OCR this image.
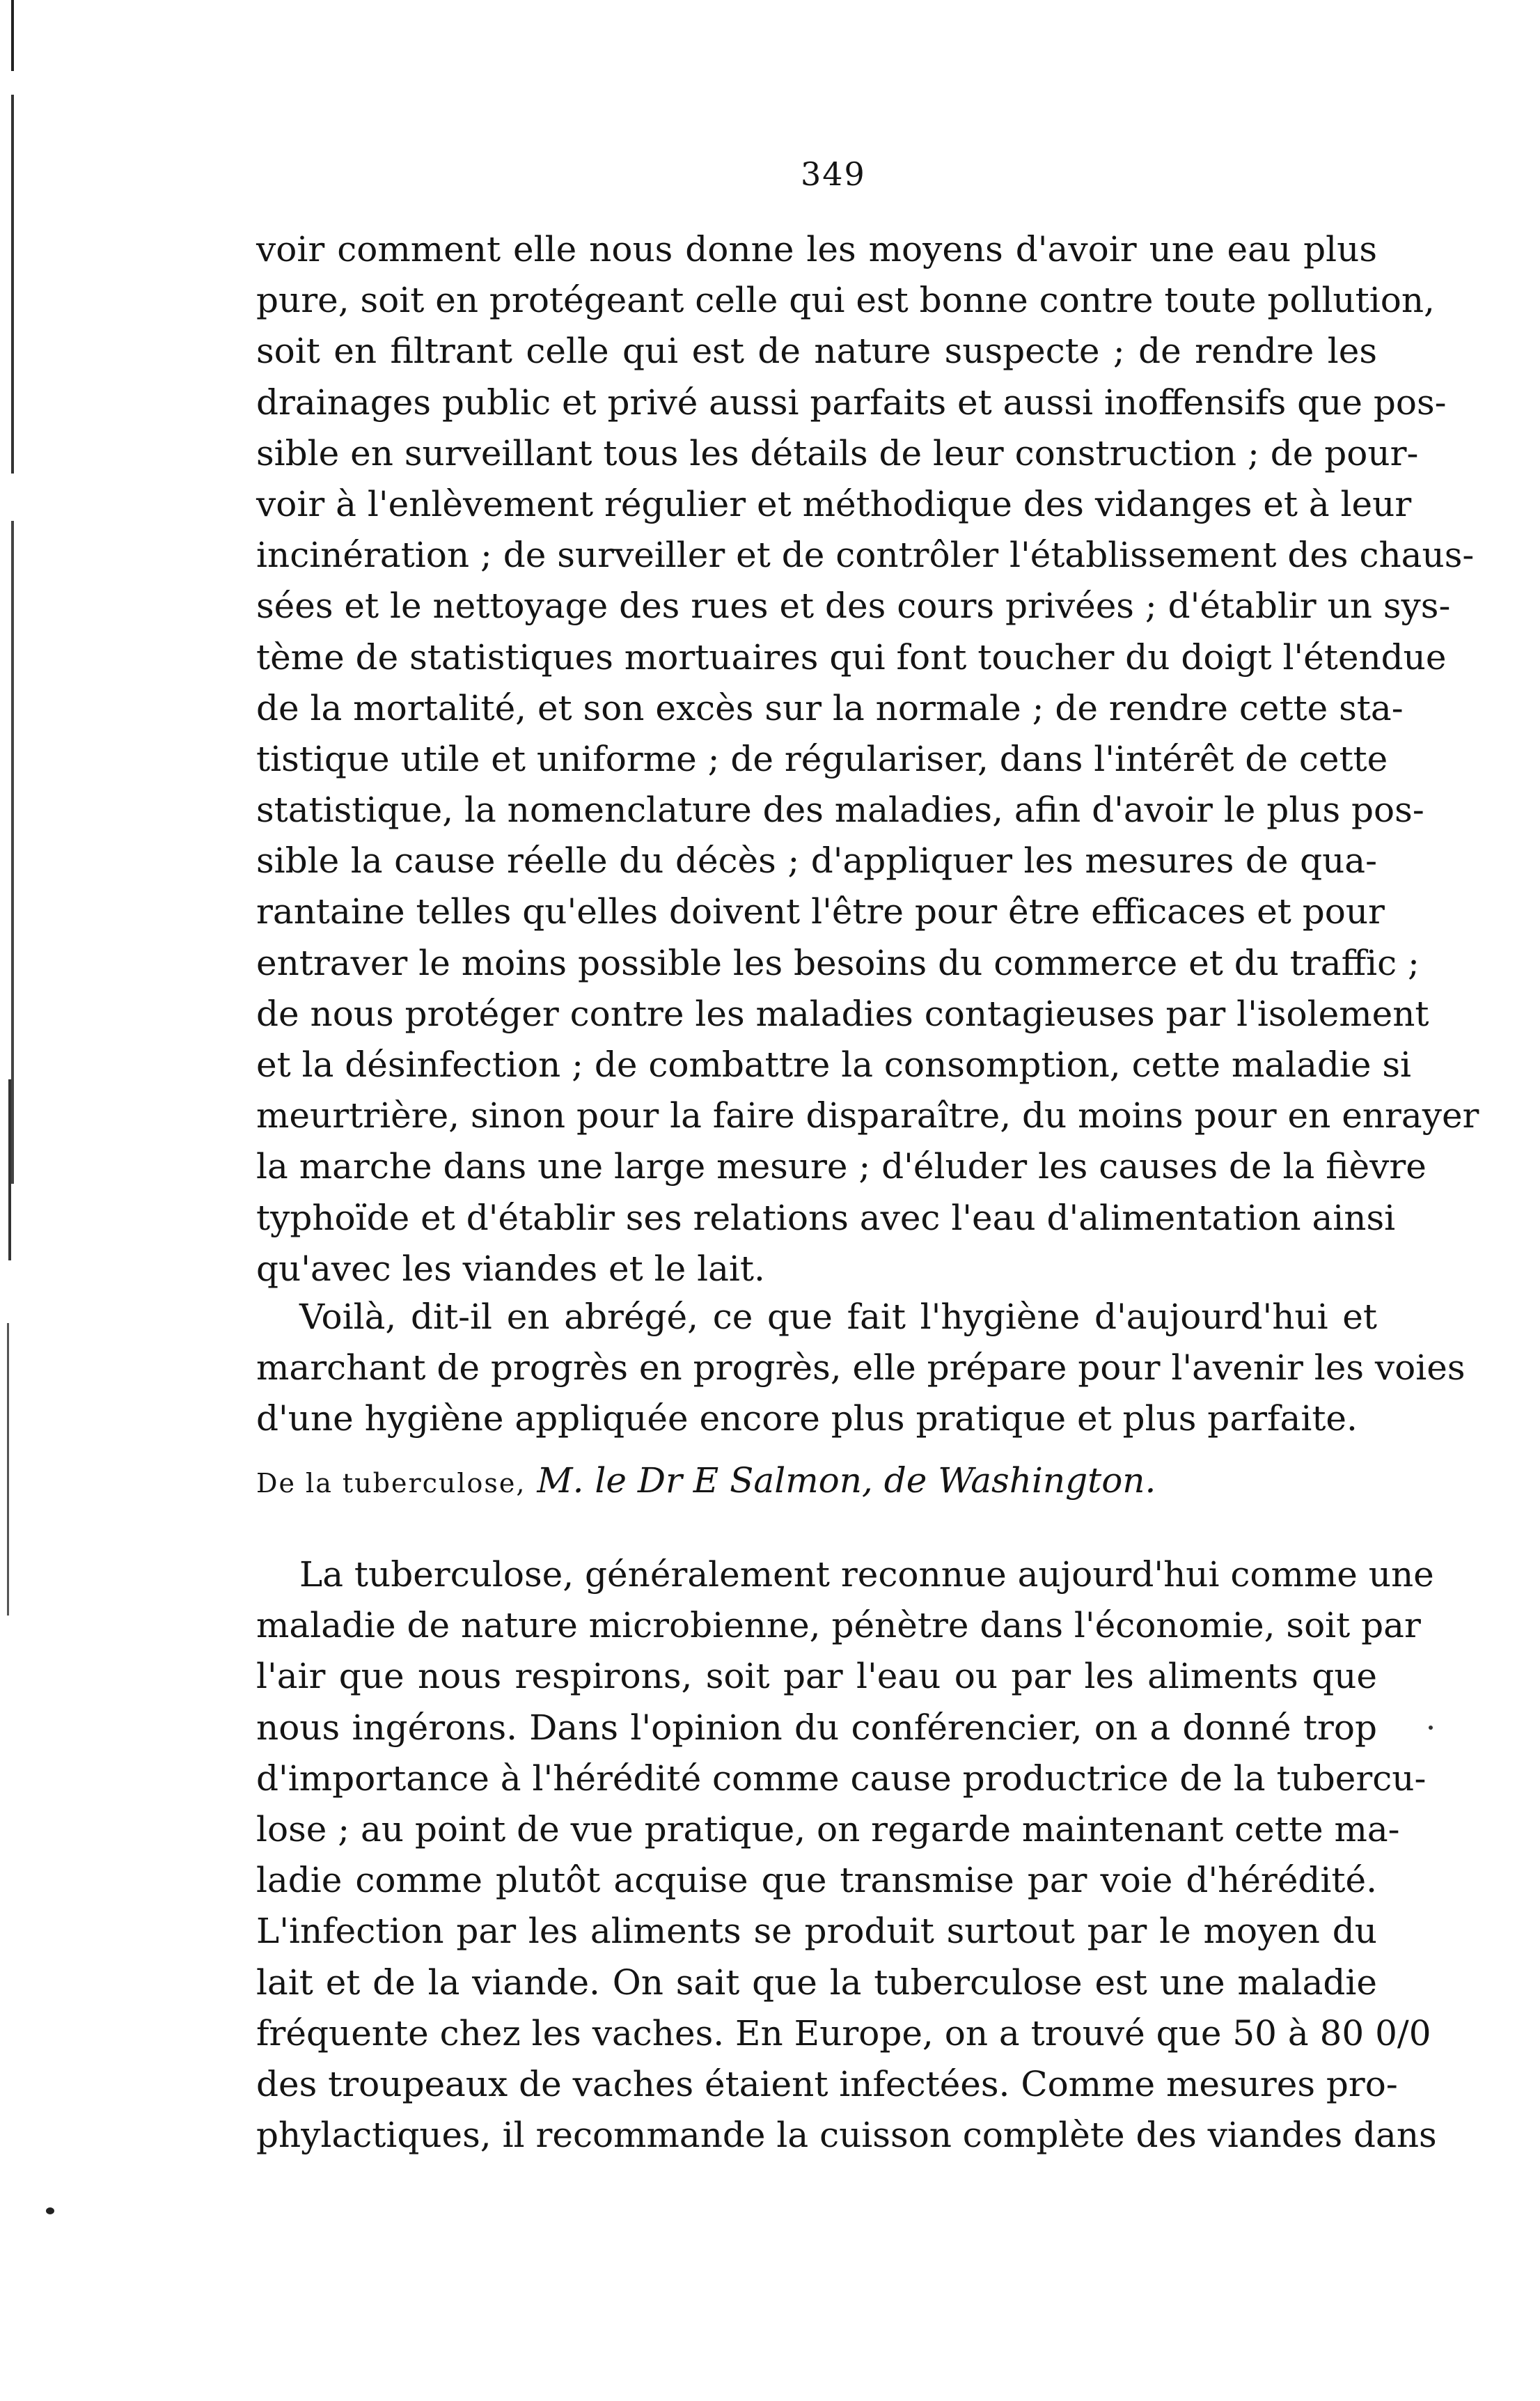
349
voir comment elle nous donne les moyens d'avoir une eau plus
pure, soit en protégeant celle qui est bonne contre toute pollution,
soit en filtrant celle qui est de nature suspecte ; de rendre les
drainages public et privé aussi parfaits et aussi inoffensifs que pos-
sible en surveillant tous les détails de leur construction ; de pour-
voir à l'enlèvement régulier et méthodique des vidanges et à leur
incinération ; de surveiller et de contrôler l'établissement des chaus-
sées et le nettoyage des rues et des cours privées ; d'établir un sys-
tème de statistiques mortuaires qui font toucher du doigt l'étendue
de la mortalité, et son excès sur la normale ; de rendre cette sta-
tistique utile et uniforme ; de régulariser, dans l'intérêt de cette
statistique, la nomenclature des maladies, afin d'avoir le plus pos-
sible la cause réelle du décès ; d'appliquer les mesures de qua-
rantaine telles qu'elles doivent l'être pour être efficaces et pour
entraver le moins possible les besoins du commerce et du traffic ;
de nous protéger contre les maladies contagieuses par l'isolement
et la désinfection ; de combattre la consomption, cette maladie si
meurtrière, sinon pour la faire disparaître, du moins pour en enrayer
la marche dans une large mesure ; d'éluder les causes de la fièvre
typhoïde et d'établir ses relations avec l'eau d'alimentation ainsi
qu'avec les viandes et le lait.
Voilà, dit-il en abrégé, ce que fait l'hygiène d'aujourd'hui et
marchant de progrès en progrès, elle prépare pour l'avenir les voies
d'une hygiène appliquée encore plus pratique et plus parfaite.
De la tuberculose, M. le Dr E Salmon, de Washington.
La tuberculose, généralement reconnue aujourd'hui comme une
maladie de nature microbienne, pénètre dans l'économie, soit par
l'air que nous respirons, soit par l'eau ou par les aliments que
nous ingérons. Dans l'opinion du conférencier, on a donné trop
d'importance à l'hérédité comme cause productrice de la tubercu-
lose ; au point de vue pratique, on regarde maintenant cette ma-
ladie comme plutôt acquise que transmise par voie d'hérédité.
L'infection par les aliments se produit surtout par le moyen du
lait et de la viande. On sait que la tuberculose est une maladie
fréquente chez les vaches. En Europe, on a trouvé que 50 à 80 0/0
des troupeaux de vaches étaient infectées. Comme mesures pro-
phylactiques, il recommande la cuisson complète des viandes dans
